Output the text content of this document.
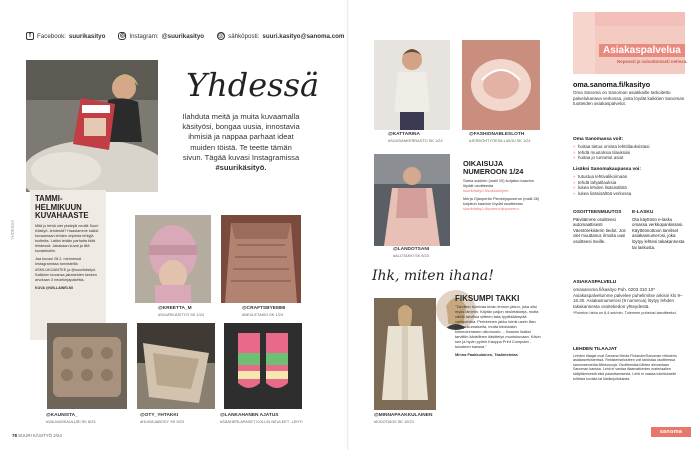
f Facebook: suurikasityo ◎ Instagram: @suurikasityo @ sähköposti: suuri.kasityo@sanoma.com
Yhdessä
Ilahduta meitä ja muita kuvaamalla
käsityösi, bongaa uusia, innostavia
ihmisiä ja nappaa parhaat ideat
muiden töistä. Te teette tämän
sivun. Tägää kuvasi Instagramissa
#suurikäsityö.
TAMMI-HELMIKUUN KUVAHAASTE

Mitä jo tehtä olet yksiinjäi neuliä Suuri Käsityö -lehdestä? Haastamme kaikki kuvaamaan lehden ohjeista tehtyjä tuotteita. Laittoi teidän parhaita töitä lehdessä. Jakakaan kuvat ja liitä kuvatekstiin.

Jaa kuvasi 28.2. mennessä Instagramissa tunnisteilla #SKILUKIJANTEE ja @suurikäsityö. Kaikkien kuvansa jakaneiden kesken arvotaan 3 neulekirjapakettia.

KUVA @WILLAINELMI

YHDESSÄ
@KREETTA_M
#SUURIKÄSITYÖ SK 1/24
@CRAFTSBYEMMI
#NEULETAKKI SK 1/24
@KAUNISTA_
#VALMASKAULURI SK 8/23
@OTY_YHTAKKI
#HUIVAJABOSY SK 9/23
@LANKAHANEN AJATUS
#SÄÄHERLAPASET KOLLIN NEULEET -LEHTI
78 SUURI KÄSITYÖ 2/24
@KATTARINA
#SUUSANKERRASTO SK 1/24
@FASHIONABLESLOTH
#JERDÖHTYÖESILLIAVIU SK 1/24
@LANDOTSANI
#ALOTAKKI SK 9/23
OIKAISUJA NUMEROON 1/24

Sama sukkien (malli 19) korjatun kaavion löydät osoitteesta

suurikäsityö.fi/sukkaohjeet.

Merja Ojanperän Pienkirjopuseron (malli 28) korjatun kaavion löydät osoitteesta

suurikäsityö.fi/puserohjepuseero.
Ihk, miten ihana!
@MINNAPAAKKULAINEN
#KIDOTAKKI SK 10/23
FIKSUMPI TAKKI

"Tarvitsin toimivaa kivan tennon jakun, joka olisi myös lämmin. Käytän paljon neuletakkeja, mutta välillä tarvitsia siitteen taks tyylikkäämpää vaihtoehtoa. Perinteinen jakku toimii usein liian virkapukumaiselta, mutta kiedotakin kimmoinmanen ulkomuoto.... Kaavan lisäksi tarvittiin kädellinen käsittelyn muotokuvaan. Kävin sen ja hyvin pyörin Kauppa Print Computer -tulosteen kanssa."

Minna Paakkulainen, Taalintehdas

Asiakaspalvelua
Nopeasti ja vaivattomasti netissä.
oma.sanoma.fi/kasityo

Oma Sanoma on Sanoman asiakkaille tarkoitettu palvelukanava verkossa, josta löydät kaikkien Sanoman tuotteiden asiakaspalvelut.

Oma Sanomassa voit:
» hoitaa tietoa omista lehtitilauksistasi
» tehdä muutoksia tilauksiisi
» hoitaa jo tunnetut asiat
Lisäksi Sanomakaupassa voi:
» tutustua lehtivalikoimaan
» tehdä lahjatilauksia
» lukea lehden lisäsisältöä
» lukea lisäsisältöä verkossa
OSOITTEENMUUTOS

Päivitämme osoitteesi automaattisesti Väestörekisterin tiedot. Jos olet muuttanut, ilmoita uusi osoitteesi meille.

E-LASKU

Ota käyttöön e-lasku omassa verkkopankissasi. Käyttöönottoon tarvitset asiakasnumerosi, joka löytyy lehtesi takakannesta tai laskusta.

ASIAKASPALVELU

omasanoma.fi/kasityo Puh. 0203 310 10* Asiakaspalvelumme palvelee puhelimitse arkisin klo 9–16.30. Asiakasnumerosi (9 numeroa) löytyy lehden takakannesta osoitetiedon yhteydestä.

*Puhelun hinta on 8,4 snt/min. Tulemme puhelusi tasoitteeksi.

LEHDEN TILAAJAT

Lehden tilaajat ovat Sanoma Media Finlandin/Sanoman rekisterin asiakasrekisterissä. Rekisteriselosteen voit tarkistaa osoitteessa sanomaemedia.fi/tietosuoja. Osoitteestasi lähtee ainoastaan Sanoman kanssa. Lehti ei vastaa tilaamattomien materiaalien säilyttämisestä eikä palauttamisesta. Lehti ei vastaa toimitukselle tulleista kuvista tai käsikirjoituksista.

sanoma
